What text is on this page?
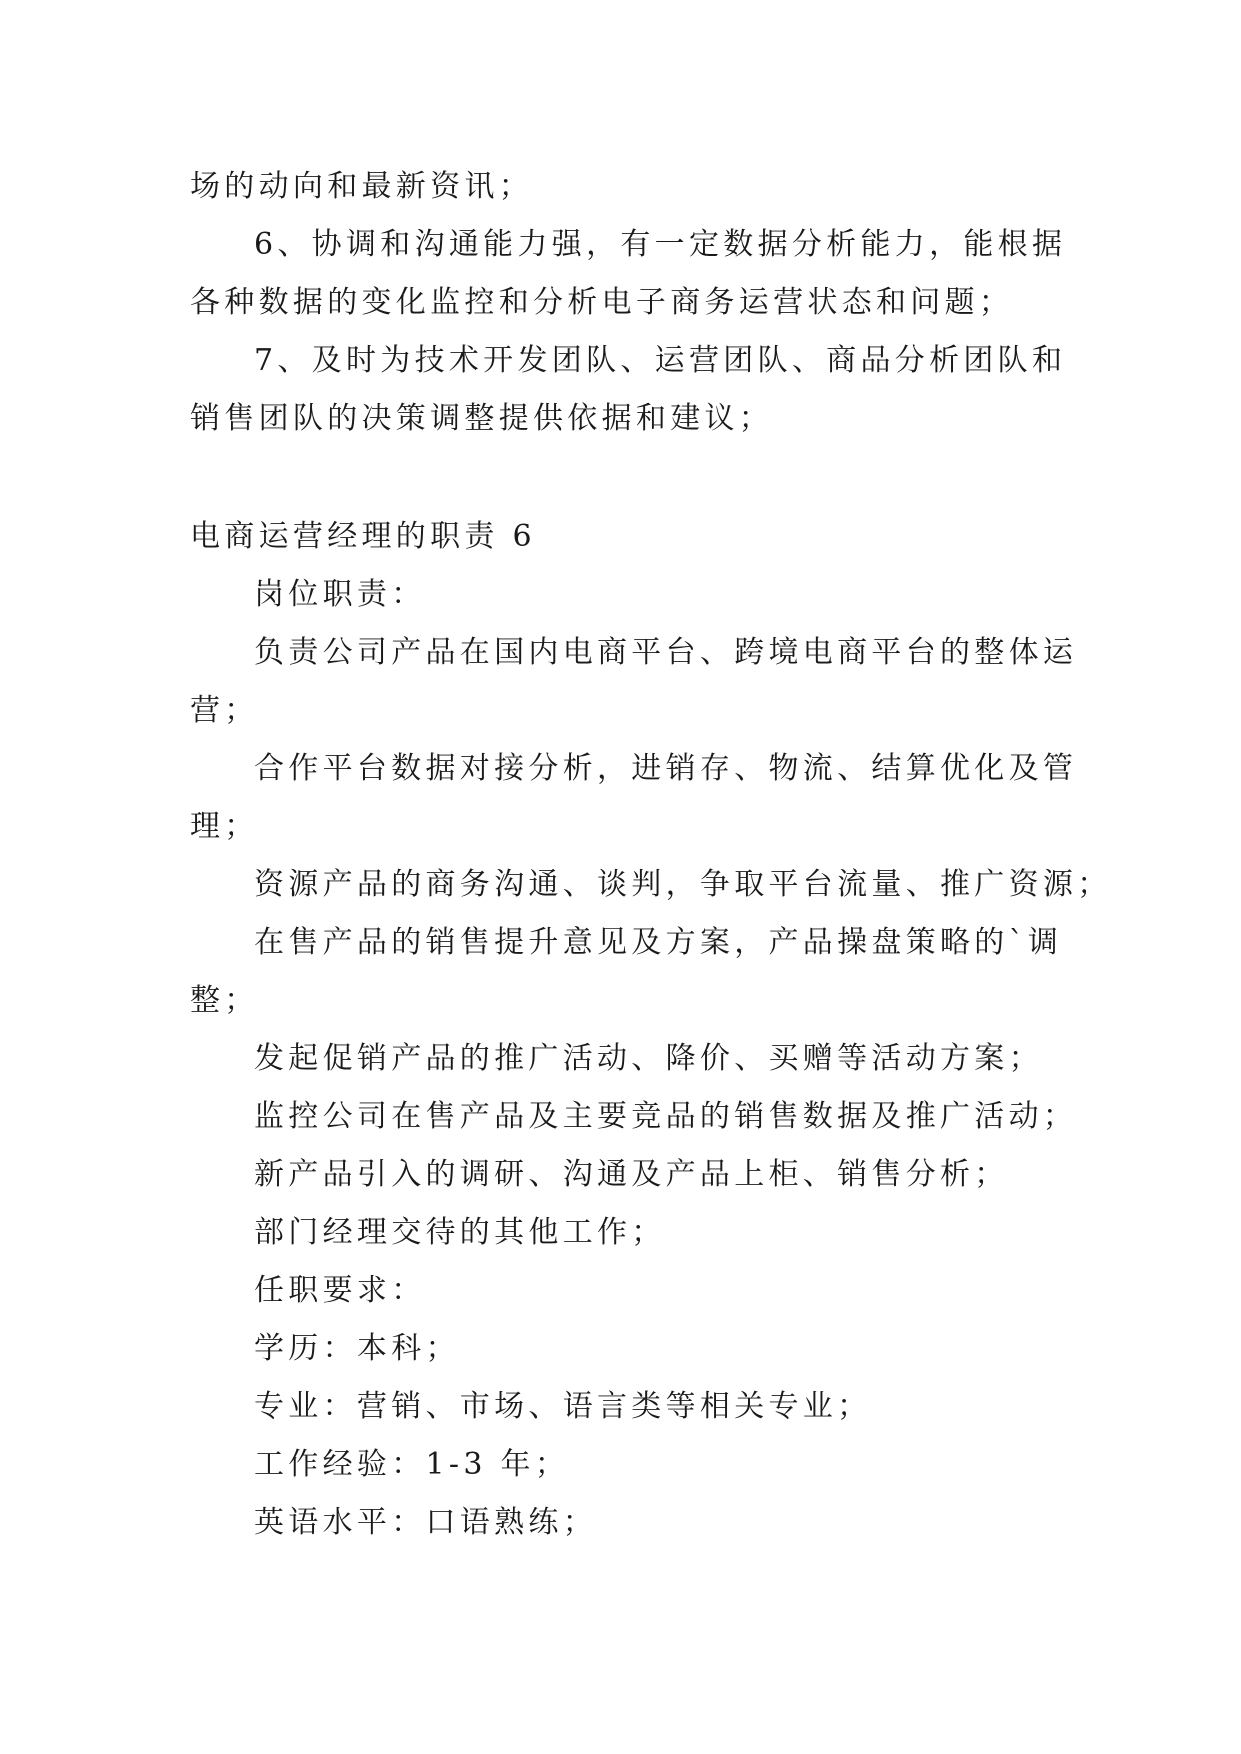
场的动向和最新资讯；
6、协调和沟通能力强，有一定数据分析能力，能根据
各种数据的变化监控和分析电子商务运营状态和问题；
7、及时为技术开发团队、运营团队、商品分析团队和
销售团队的决策调整提供依据和建议；
电商运营经理的职责 6
岗位职责：
负责公司产品在国内电商平台、跨境电商平台的整体运
营；
合作平台数据对接分析，进销存、物流、结算优化及管
理；
资源产品的商务沟通、谈判，争取平台流量、推广资源；
在售产品的销售提升意见及方案，产品操盘策略的`调
整；
发起促销产品的推广活动、降价、买赠等活动方案；
监控公司在售产品及主要竞品的销售数据及推广活动；
新产品引入的调研、沟通及产品上柜、销售分析；
部门经理交待的其他工作；
任职要求：
学历：本科；
专业：营销、市场、语言类等相关专业；
工作经验：1-3 年；
英语水平：口语熟练；
